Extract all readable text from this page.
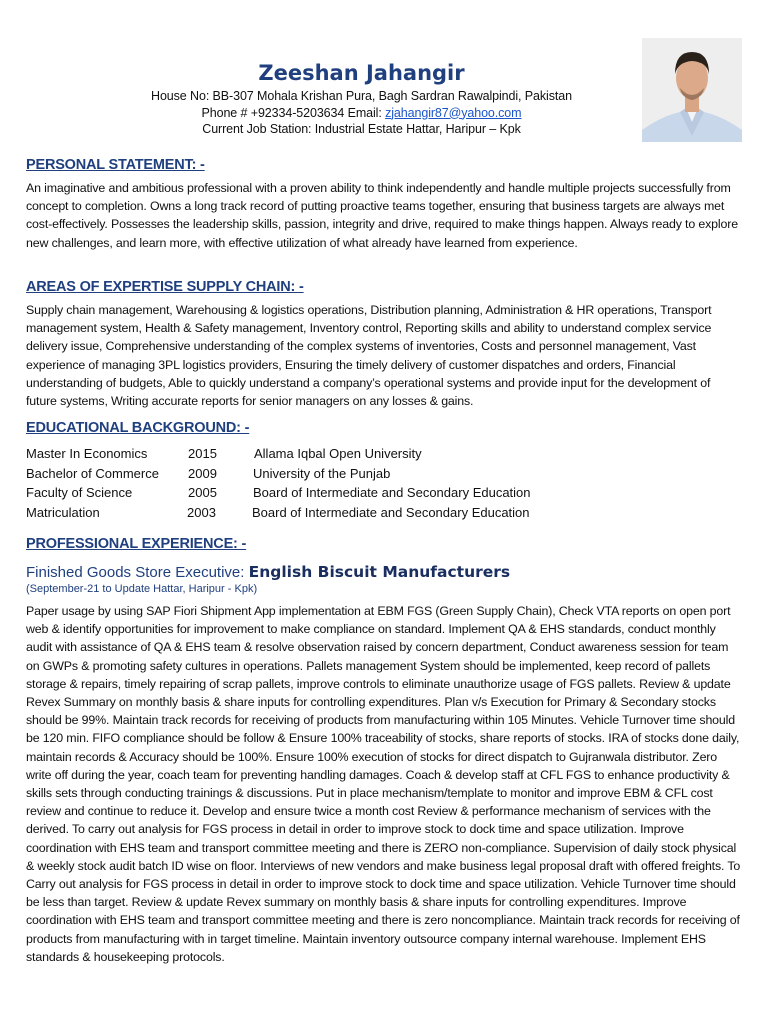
Zeeshan Jahangir
House No: BB-307 Mohala Krishan Pura, Bagh Sardran Rawalpindi, Pakistan
Phone # +92334-5203634 Email: zjahangir87@yahoo.com
Current Job Station: Industrial Estate Hattar, Haripur – Kpk
PERSONAL STATEMENT: -
An imaginative and ambitious professional with a proven ability to think independently and handle multiple projects successfully from concept to completion. Owns a long track record of putting proactive teams together, ensuring that business targets are always met cost-effectively. Possesses the leadership skills, passion, integrity and drive, required to make things happen. Always ready to explore new challenges, and learn more, with effective utilization of what already have learned from experience.
AREAS OF EXPERTISE SUPPLY CHAIN: -
Supply chain management, Warehousing & logistics operations, Distribution planning, Administration & HR operations, Transport management system, Health & Safety management, Inventory control, Reporting skills and ability to understand complex service delivery issue, Comprehensive understanding of the complex systems of inventories, Costs and personnel management, Vast experience of managing 3PL logistics providers, Ensuring the timely delivery of customer dispatches and orders, Financial understanding of budgets, Able to quickly understand a company’s operational systems and provide input for the development of future systems, Writing accurate reports for senior managers on any losses & gains.
EDUCATIONAL BACKGROUND: -
Master In Economics	2015	Allama Iqbal Open University
Bachelor of Commerce 2009	University of the Punjab
Faculty of Science	2005	Board of Intermediate and Secondary Education
Matriculation	2003	Board of Intermediate and Secondary Education
PROFESSIONAL EXPERIENCE: -
Finished Goods Store Executive: English Biscuit Manufacturers
(September-21 to Update Hattar, Haripur - Kpk)
Paper usage by using SAP Fiori Shipment App implementation at EBM FGS (Green Supply Chain), Check VTA reports on open port web & identify opportunities for improvement to make compliance on standard. Implement QA & EHS standards, conduct monthly audit with assistance of QA & EHS team & resolve observation raised by concern department, Conduct awareness session for team on GWPs & promoting safety cultures in operations. Pallets management System should be implemented, keep record of pallets storage & repairs, timely repairing of scrap pallets, improve controls to eliminate unauthorize usage of FGS pallets. Review & update Revex Summary on monthly basis & share inputs for controlling expenditures. Plan v/s Execution for Primary & Secondary stocks should be 99%. Maintain track records for receiving of products from manufacturing within 105 Minutes. Vehicle Turnover time should be 120 min. FIFO compliance should be follow & Ensure 100% traceability of stocks, share reports of stocks. IRA of stocks done daily, maintain records & Accuracy should be 100%. Ensure 100% execution of stocks for direct dispatch to Gujranwala distributor. Zero write off during the year, coach team for preventing handling damages. Coach & develop staff at CFL FGS to enhance productivity & skills sets through conducting trainings & discussions. Put in place mechanism/template to monitor and improve EBM & CFL cost review and continue to reduce it. Develop and ensure twice a month cost Review & performance mechanism of services with the derived. To carry out analysis for FGS process in detail in order to improve stock to dock time and space utilization. Improve coordination with EHS team and transport committee meeting and there is ZERO non-compliance. Supervision of daily stock physical & weekly stock audit batch ID wise on floor. Interviews of new vendors and make business legal proposal draft with offered freights. To Carry out analysis for FGS process in detail in order to improve stock to dock time and space utilization. Vehicle Turnover time should be less than target. Review & update Revex summary on monthly basis & share inputs for controlling expenditures. Improve coordination with EHS team and transport committee meeting and there is zero noncompliance. Maintain track records for receiving of products from manufacturing with in target timeline. Maintain inventory outsource company internal warehouse. Implement EHS standards & housekeeping protocols.
